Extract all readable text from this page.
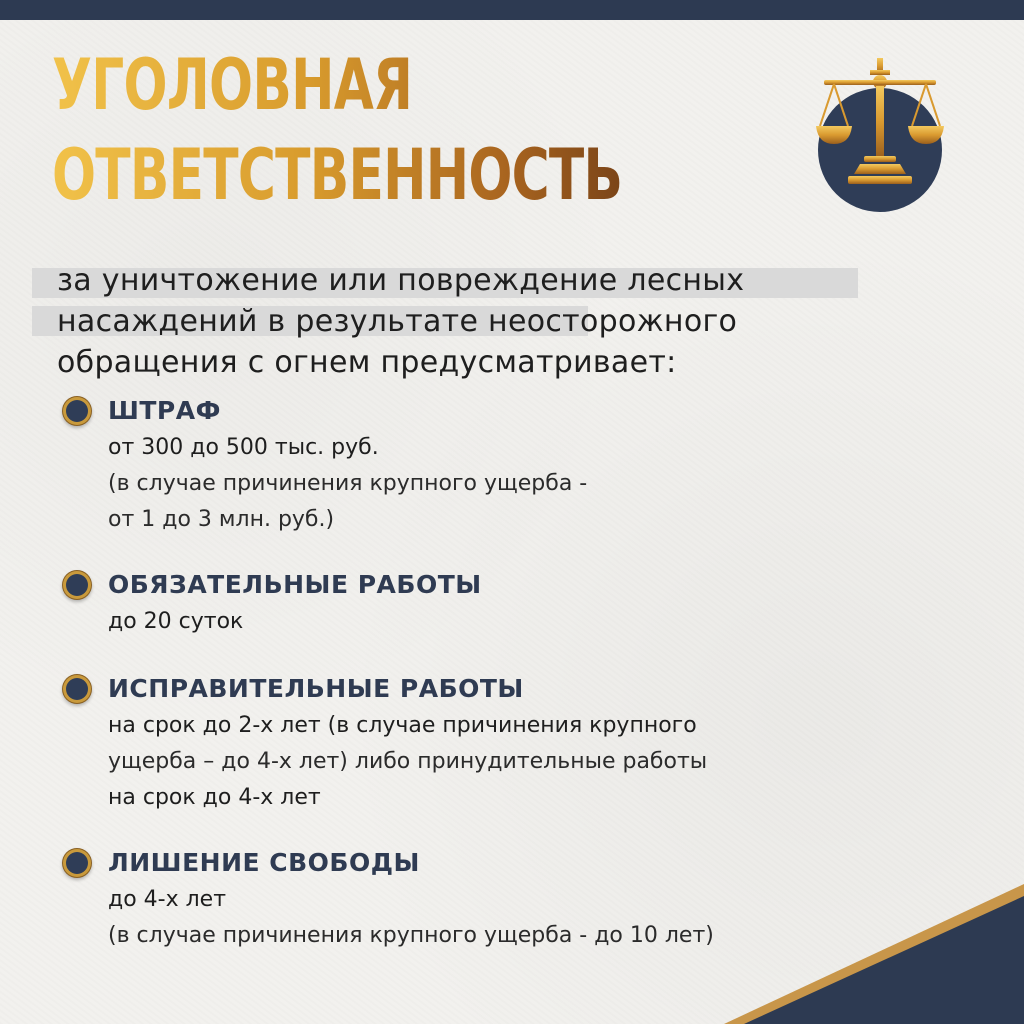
УГОЛОВНАЯ
ОТВЕТСТВЕННОСТЬ

за уничтожение или повреждение лесных насаждений в результате неосторожного обращения с огнем предусматривает:

ШТРАФ

от 300 до 500 тыс. руб.
(в случае причинения крупного ущерба -
от 1 до 3 млн. руб.)

ОБЯЗАТЕЛЬНЫЕ РАБОТЫ

до 20 суток

ИСПРАВИТЕЛЬНЫЕ РАБОТЫ

на срок до 2-х лет (в случае причинения крупного
ущерба – до 4-х лет) либо принудительные работы
на срок до 4-х лет

ЛИШЕНИЕ СВОБОДЫ

до 4-х лет
(в случае причинения крупного ущерба - до 10 лет)
